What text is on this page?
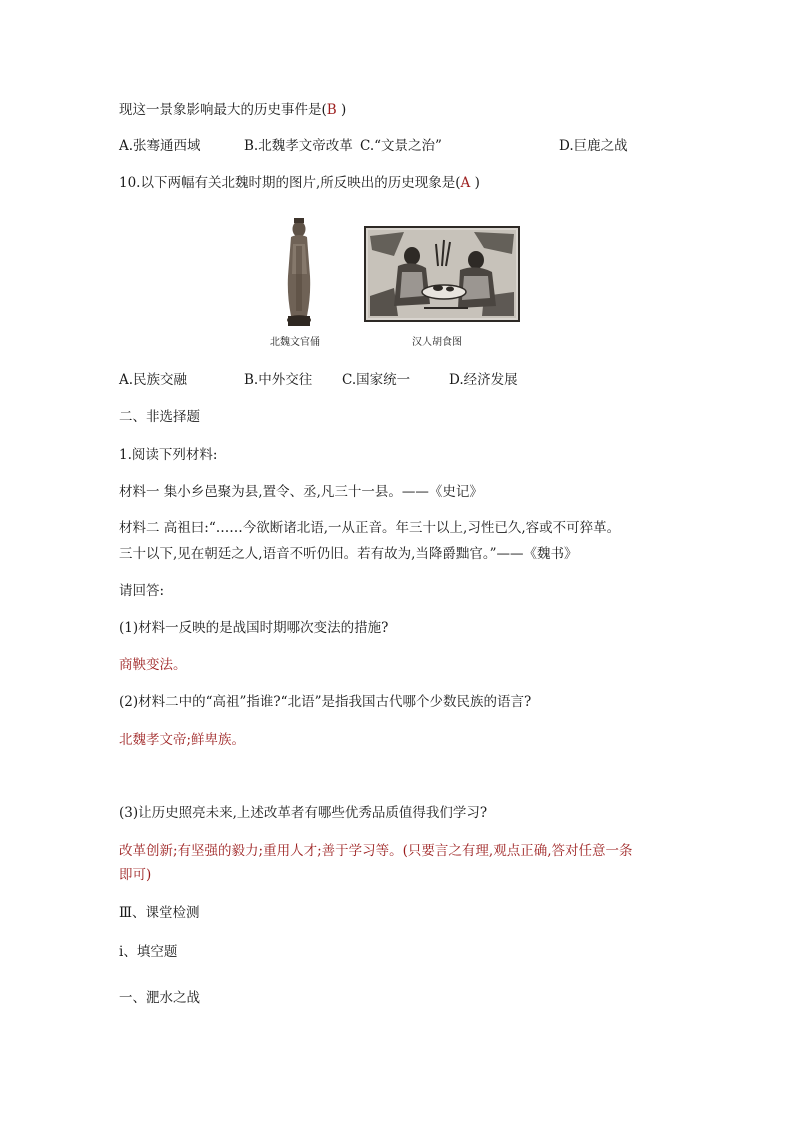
现这一景象影响最大的历史事件是(B )
A.张骞通西域	B.北魏孝文帝改革 C.“文景之治”	D.巨鹿之战
10.以下两幅有关北魏时期的图片,所反映出的历史现象是(A )
北魏文官俑	汉人胡食图
A.民族交融	B.中外交往 C.国家统一	D.经济发展
二、非选择题
1.阅读下列材料:
材料一 集小乡邑聚为县,置令、丞,凡三十一县。——《史记》
材料二 高祖曰:“……今欲断诸北语,一从正音。年三十以上,习性已久,容或不可猝革。
三十以下,见在朝廷之人,语音不听仍旧。若有故为,当降爵黜官。”——《魏书》
请回答:
(1)材料一反映的是战国时期哪次变法的措施?
商鞅变法。
(2)材料二中的“高祖”指谁?“北语”是指我国古代哪个少数民族的语言?
北魏孝文帝;鲜卑族。
(3)让历史照亮未来,上述改革者有哪些优秀品质值得我们学习?
改革创新;有坚强的毅力;重用人才;善于学习等。(只要言之有理,观点正确,答对任意一条
即可)
Ⅲ、课堂检测
ⅰ、填空题
一、淝水之战
